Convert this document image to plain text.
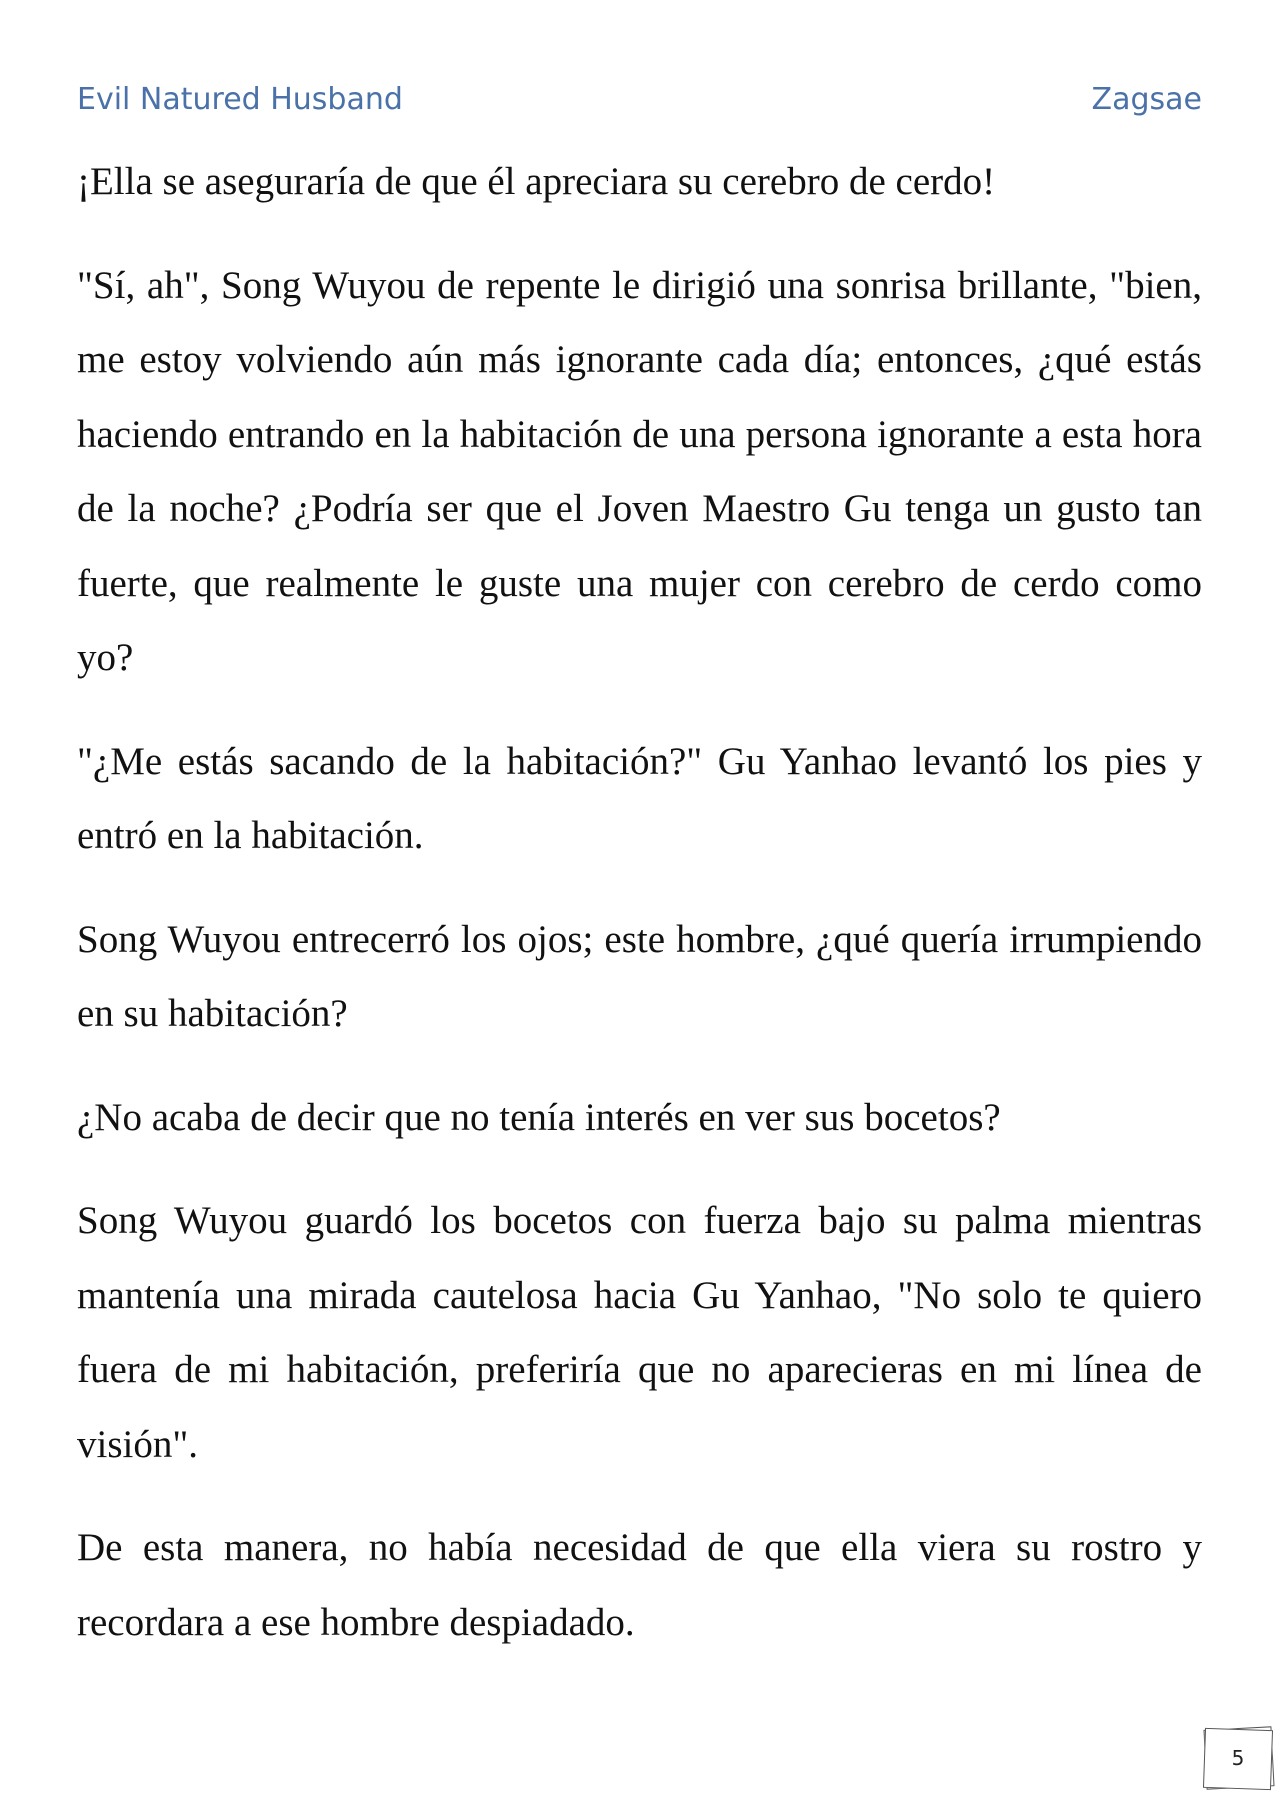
Evil Natured Husband	Zagsae

¡Ella se aseguraría de que él apreciara su cerebro de cerdo!

"Sí, ah", Song Wuyou de repente le dirigió una sonrisa brillante, "bien, me estoy volviendo aún más ignorante cada día; entonces, ¿qué estás haciendo entrando en la habitación de una persona ignorante a esta hora de la noche? ¿Podría ser que el Joven Maestro Gu tenga un gusto tan fuerte, que realmente le guste una mujer con cerebro de cerdo como yo?

"¿Me estás sacando de la habitación?" Gu Yanhao levantó los pies y entró en la habitación.

Song Wuyou entrecerró los ojos; este hombre, ¿qué quería irrumpiendo en su habitación?

¿No acaba de decir que no tenía interés en ver sus bocetos?

Song Wuyou guardó los bocetos con fuerza bajo su palma mientras mantenía una mirada cautelosa hacia Gu Yanhao, "No solo te quiero fuera de mi habitación, preferiría que no aparecieras en mi línea de visión".

De esta manera, no había necesidad de que ella viera su rostro y recordara a ese hombre despiadado.

5
